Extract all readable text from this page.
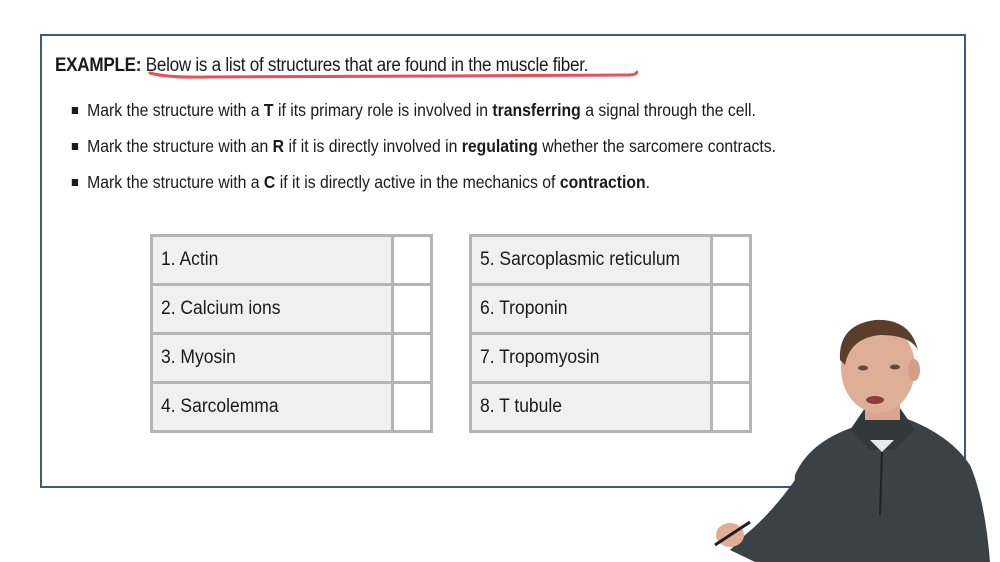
EXAMPLE: Below is a list of structures that are found in the muscle fiber.
Mark the structure with a
T
if its primary role is involved in
transferring
a signal through the cell.
Mark the structure with an
R
if it is directly involved in
regulating
whether the sarcomere contracts.
Mark the structure with a
C
if it is directly active in the mechanics of
contraction .
1. Actin	
2. Calcium ions	
3. Myosin	
4. Sarcolemma	
5. Sarcoplasmic reticulum	
6. Troponin	
7. Tropomyosin	
8. T tubule	
